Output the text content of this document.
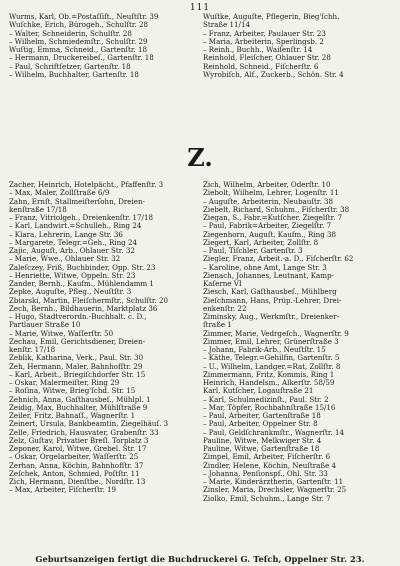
111
Wurms, Karl, Ob.=Postaſſiſt., Neuſtſtr. 39
Wuſchke, Erich, Bürogeh., Schulſtr. 28
– Walter, Schneiderin, Schulſtr. 28
– Wilhelm, Schmiedemſtr., Schulſtr. 29
Wuſtig, Emma, Schneid., Gartenſtr. 18
– Hermann, Druckereibeſ., Gartenſtr. 18
– Paul, Schriftſetzer, Gartenſtr. 18
– Wilhelm, Buchhalter, Gartenſtr. 18
Wuſtke, Auguſte, Pflegerin, Bieg'ſchh.
Straße 11/14
– Franz, Arbeiter, Paulauer Str. 23
– Maria, Arbeiterin, Sperlingsb. 2
– Reinh., Buchh., Waiſenſtr. 14
Reinhold, Fleiſcher, Ohlauer Str. 28
Reinhold, Schneid., Fiſcherſtr. 6
Wyrobiſch, Alf., Zuckerb., Schön. Str. 4
Z.
Zacher, Heinrich, Hotelpächt., Pfaffenſtr. 3
– Max, Maler, Zollſtraße 6/9
Zahn, Ernſt, Stallmeiſterſohn, Dreien-
kenſtraße 17/18
– Franz, Vitriolgeh., Dreienkenſtr. 17/18
– Karl, Landwirt.=Schulleh., Ring 24
– Klara, Lehrerin, Lange Str. 36
– Margarete, Telegr.=Geh., Ring 24
Zajic, Auguſt, Arb., Ohlauer Str. 32
– Marie, Wwe., Ohlauer Str. 32
Zaleſczey, Friß, Buchbinder, Opp. Str. 23
– Henriette, Witwe, Oppeln. Str. 23
Zander, Bernh., Kaufm., Mühlendamm 1
Zepke, Auguſte, Pfleg., Neuſtſtr. 3
Zbiarski, Martin, Fleiſchermſtr., Schulſtr. 20
Zech, Bernh., Bildhauerin, Marktplatz 36
– Hugo, Stadtverordn.-Buchhalt. c. D.,
Partlauer Straße 10
– Marie, Witwe, Waſſerſtr. 50
Zechau, Emil, Gerichtsdiener, Dreien-
kenſtr. 17/18
Zeblik, Katharina, Verk., Paul. Str. 30
Zeh, Hermann, Maler, Bahnhofſtr. 29
– Karl, Arbeit., Briegiſchdorfer Str. 15
– Oskar, Malermeiſter, Ring 29
– Roſina, Witwe, Brieg'ſchd. Str. 15
Zehnich, Anna, Gaſthausbeſ., Mühlpl. 1
Zeidig, Max, Buchhalter, Mühlſtraße 9
Zeiler, Fritz, Bahnaſſ., Wagnerſtr. 1
Zeinert, Ursula, Bankbeamtin, Ziegelhäuſ. 3
Zelle, Friedrich, Hausvater, Grabenſtr. 33
Zelz, Guſtav, Privatier Breſl. Torplatz 3
Zeponer, Karol, Witwe, Grebel. Str. 17
– Oskar, Orgelarbeiter, Waſſerſtr. 25
Zerhan, Anna, Köchin, Bahnhofſtr. 37
Zeſchek, Anton, Schmied, Poſtſtr. 11
Zich, Hermann, Dienſtbe., Nordſtr. 13
– Max, Arbeiter, Fiſcherſtr. 19
Zich, Wilhelm, Arbeiter, Oderſtr. 10
Ziebolt, Wilhelm, Lehrer, Logenſtr. 11
– Auguſte, Arbeiterin, Neubauſtr. 38
Ziebelt, Richard, Schuhm., Fiſcherſtr. 38
Ziegan, S., Fabr.=Kutſcher, Ziegelſtr. 7
– Paul, Fabrik=Arbeiter, Ziegelſtr. 7
Ziegenhorn, Auguſt, Kaufm., Ring 38
Ziegert, Karl, Arbeiter, Zollſtr. 8
– Paul, Tiſchler, Gartenſtr. 3
Ziegler, Franz, Arbeit.-a. D., Fiſcherſtr. 62
– Karoline, ohne Amt, Lange Str. 3
Zienach, Johannes, Leutnant, Kamp-
Kaſerne VI
Ziesch, Karl, Gaſthausbeſ., Mühlberg
Zieſchmann, Hans, Prüp.-Lehrer, Drei-
enkenſtr. 22
Ziminsky, Aug., Werkmſtr., Dreienker-
ſtraße 1
Zimmer, Marie, Vedrgeſch., Wagnerſtr. 9
Zimmer, Emil, Lehrer, Grünerſtraße 3
– Johann, Fabrik-Arb., Neuſtſtr. 15
– Käthe, Telegr.=Gehilfin, Gartenſtr. 5
– U., Wilhelm, Landger.=Rat, Zollſtr. 8
Zimmermann, Fritz, Kommis, Ring 1
Heinrich, Handelsm., Alkerſtr. 58/59
Karl, Kutſcher, Logauſtraße 21
– Karl, Schulmedizinſt., Paul. Str. 2
– Mar, Töpfer, Rochbahnſtraße 15/16
– Paul, Arbeiter, Gartenſtraße 18
– Paul, Arbeiter, Oppelner Str. 8
– Paul, Geldſchrankmſtr., Wagnerſtr. 14
Pauline, Witwe, Melkwiger Str. 4
Pauline, Witwe, Gartenſtraße 18
Zimpel, Emil, Arbeiter, Fiſcherſtr. 6
Zindler, Helene, Köchin, Neuſtraße 4
– Johanna, Penſionspf., Ohl. Str. 33
– Marie, Kinderärztherin, Gartenſtr. 11
Zinsler, Maria, Drechsler, Wagnerſtr. 25
Ziolko, Emil, Schuhm., Lange Str. 7
Geburtsanzeigen fertigt die Buchdruckerei G. Teſch, Oppelner Str. 23.
